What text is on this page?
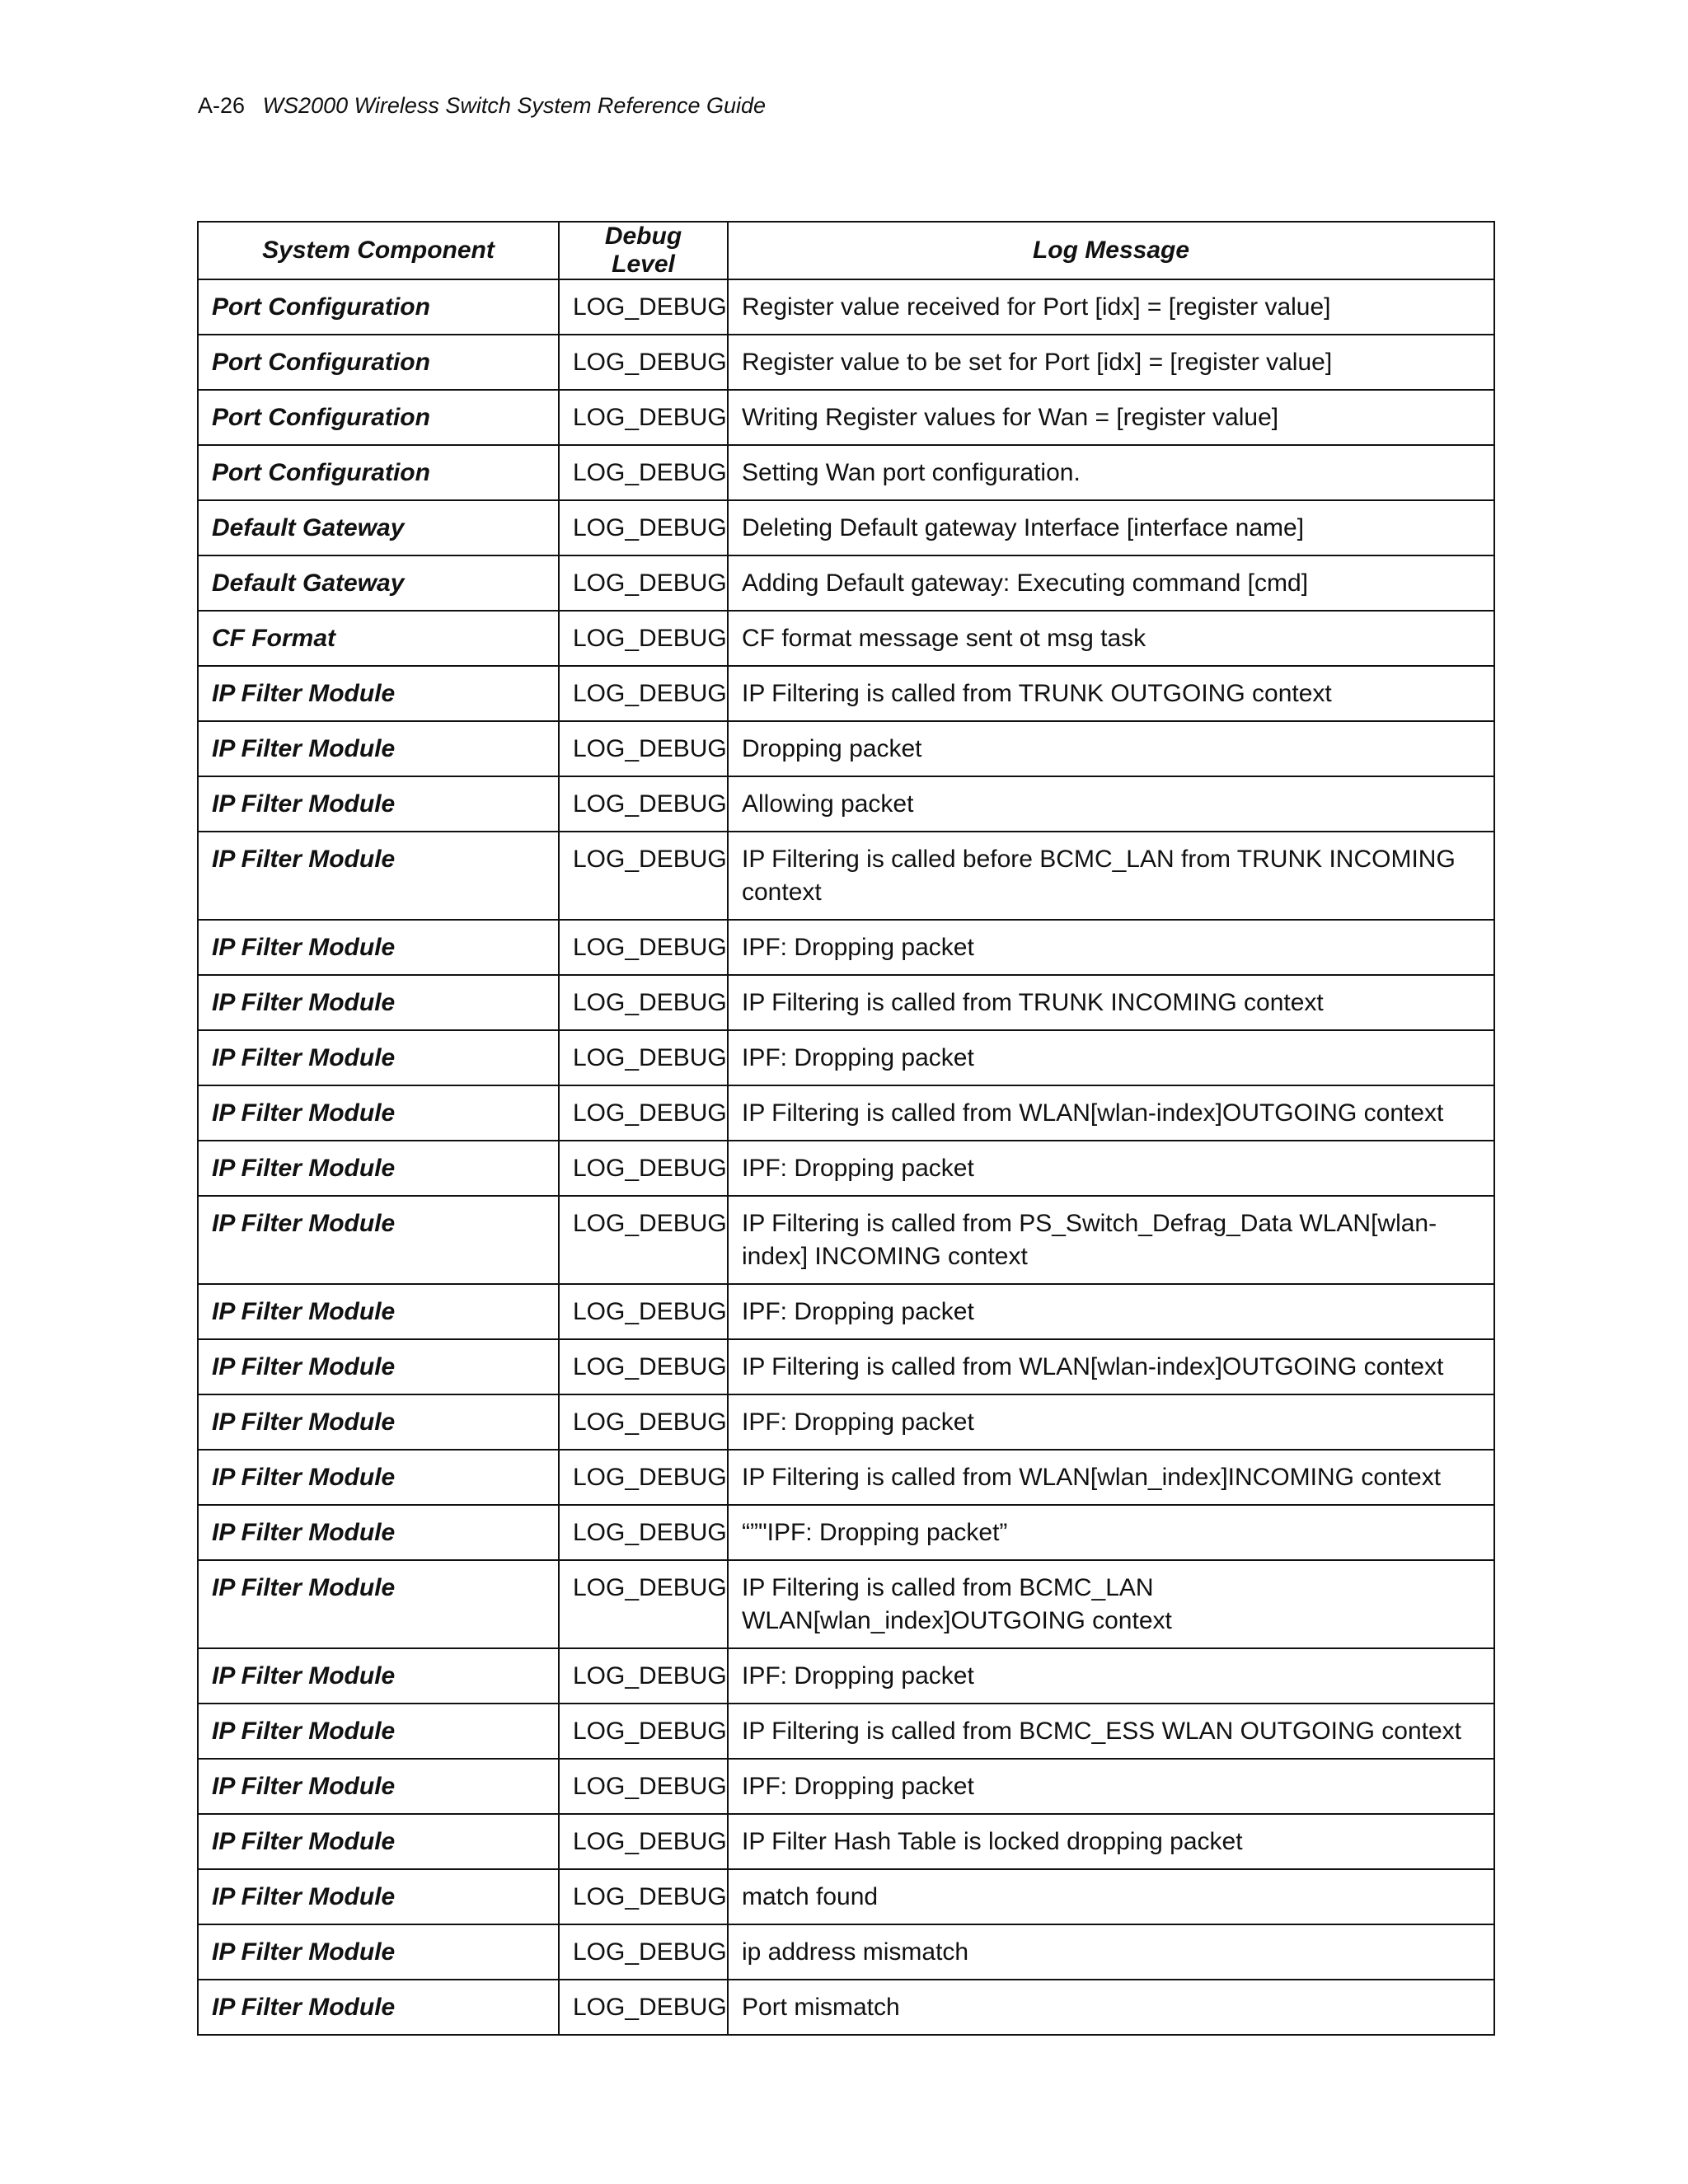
A-26 WS2000 Wireless Switch System Reference Guide
System Component	Debug Level	Log Message
Port Configuration	LOG_DEBUG	Register value received for Port [idx] = [register value]
Port Configuration	LOG_DEBUG	Register value to be set for Port [idx] = [register value]
Port Configuration	LOG_DEBUG	Writing Register values for Wan = [register value]
Port Configuration	LOG_DEBUG	Setting Wan port configuration.
Default Gateway	LOG_DEBUG	Deleting Default gateway Interface [interface name]
Default Gateway	LOG_DEBUG	Adding Default gateway: Executing command [cmd]
CF Format	LOG_DEBUG	CF format message sent ot msg task
IP Filter Module	LOG_DEBUG	IP Filtering is called from TRUNK OUTGOING context
IP Filter Module	LOG_DEBUG	Dropping packet
IP Filter Module	LOG_DEBUG	Allowing packet
IP Filter Module	LOG_DEBUG	IP Filtering is called before BCMC_LAN from TRUNK INCOMING context
IP Filter Module	LOG_DEBUG	IPF: Dropping packet
IP Filter Module	LOG_DEBUG	IP Filtering is called from TRUNK INCOMING context
IP Filter Module	LOG_DEBUG	IPF: Dropping packet
IP Filter Module	LOG_DEBUG	IP Filtering is called from WLAN[wlan-index]OUTGOING context
IP Filter Module	LOG_DEBUG	IPF: Dropping packet
IP Filter Module	LOG_DEBUG	IP Filtering is called from PS_Switch_Defrag_Data WLAN[wlan-index] INCOMING context
IP Filter Module	LOG_DEBUG	IPF: Dropping packet
IP Filter Module	LOG_DEBUG	IP Filtering is called from WLAN[wlan-index]OUTGOING context
IP Filter Module	LOG_DEBUG	IPF: Dropping packet
IP Filter Module	LOG_DEBUG	IP Filtering is called from WLAN[wlan_index]INCOMING context
IP Filter Module	LOG_DEBUG	“”"IPF: Dropping packet”
IP Filter Module	LOG_DEBUG	IP Filtering is called from BCMC_LAN WLAN[wlan_index]OUTGOING context
IP Filter Module	LOG_DEBUG	IPF: Dropping packet
IP Filter Module	LOG_DEBUG	IP Filtering is called from BCMC_ESS WLAN OUTGOING context
IP Filter Module	LOG_DEBUG	IPF: Dropping packet
IP Filter Module	LOG_DEBUG	IP Filter Hash Table is locked dropping packet
IP Filter Module	LOG_DEBUG	match found
IP Filter Module	LOG_DEBUG	ip address mismatch
IP Filter Module	LOG_DEBUG	Port mismatch
